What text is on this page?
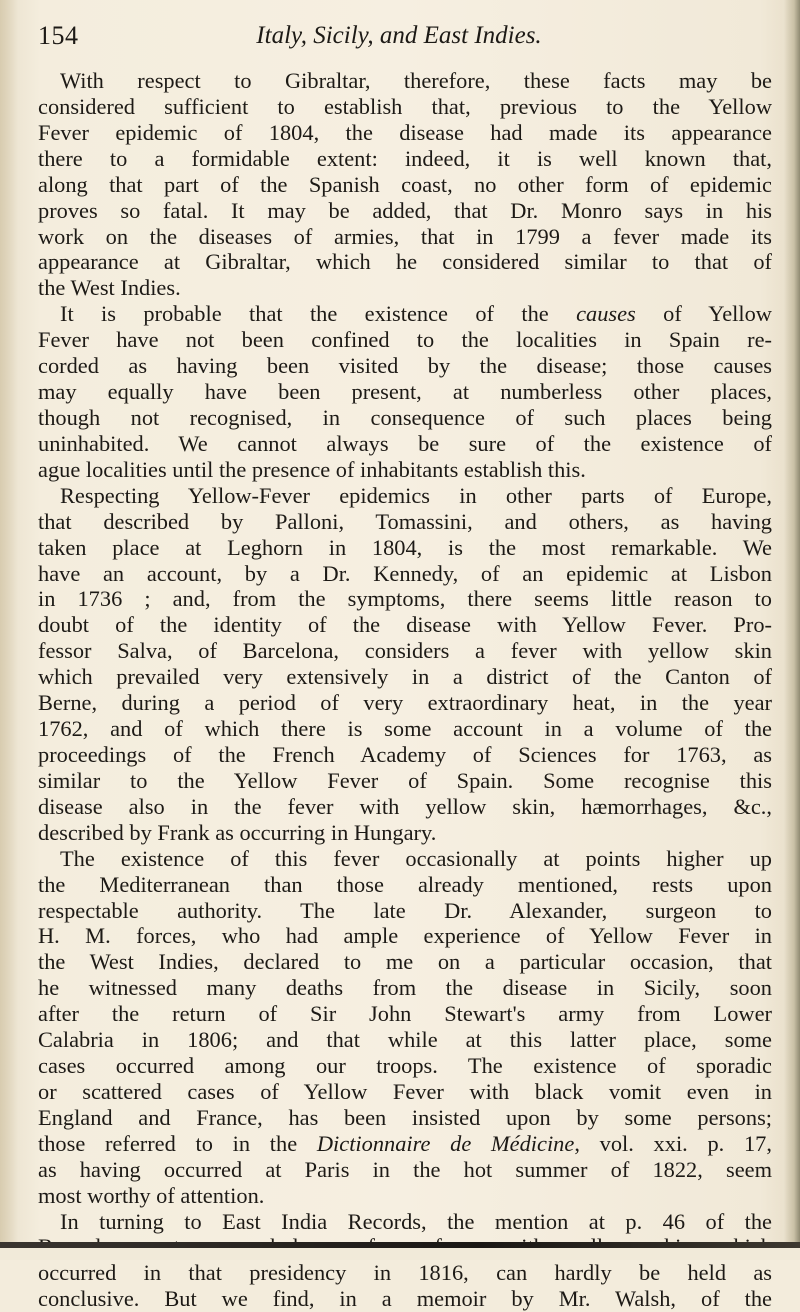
154	Italy, Sicily, and East Indies.
With respect to Gibraltar, therefore, these facts may be
considered sufficient to establish that, previous to the Yellow
Fever epidemic of 1804, the disease had made its appearance
there to a formidable extent: indeed, it is well known that,
along that part of the Spanish coast, no other form of epidemic
proves so fatal. It may be added, that Dr. Monro says in his
work on the diseases of armies, that in 1799 a fever made its
appearance at Gibraltar, which he considered similar to that of
the West Indies.
It is probable that the existence of the causes of Yellow
Fever have not been confined to the localities in Spain re-
corded as having been visited by the disease; those causes
may equally have been present, at numberless other places,
though not recognised, in consequence of such places being
uninhabited. We cannot always be sure of the existence of
ague localities until the presence of inhabitants establish this.
Respecting Yellow-Fever epidemics in other parts of Europe,
that described by Palloni, Tomassini, and others, as having
taken place at Leghorn in 1804, is the most remarkable. We
have an account, by a Dr. Kennedy, of an epidemic at Lisbon
in 1736 ; and, from the symptoms, there seems little reason to
doubt of the identity of the disease with Yellow Fever. Pro-
fessor Salva, of Barcelona, considers a fever with yellow skin
which prevailed very extensively in a district of the Canton of
Berne, during a period of very extraordinary heat, in the year
1762, and of which there is some account in a volume of the
proceedings of the French Academy of Sciences for 1763, as
similar to the Yellow Fever of Spain. Some recognise this
disease also in the fever with yellow skin, hæmorrhages, &c.,
described by Frank as occurring in Hungary.
The existence of this fever occasionally at points higher up
the Mediterranean than those already mentioned, rests upon
respectable authority. The late Dr. Alexander, surgeon to
H. M. forces, who had ample experience of Yellow Fever in
the West Indies, declared to me on a particular occasion, that
he witnessed many deaths from the disease in Sicily, soon
after the return of Sir John Stewart's army from Lower
Calabria in 1806; and that while at this latter place, some
cases occurred among our troops. The existence of sporadic
or scattered cases of Yellow Fever with black vomit even in
England and France, has been insisted upon by some persons;
those referred to in the Dictionnaire de Médicine, vol. xxi. p. 17,
as having occurred at Paris in the hot summer of 1822, seem
most worthy of attention.
In turning to East India Records, the mention at p. 46 of the
occurred in that presidency in 1816, can hardly be held as
conclusive. But we find, in a memoir by Mr. Walsh, of the
